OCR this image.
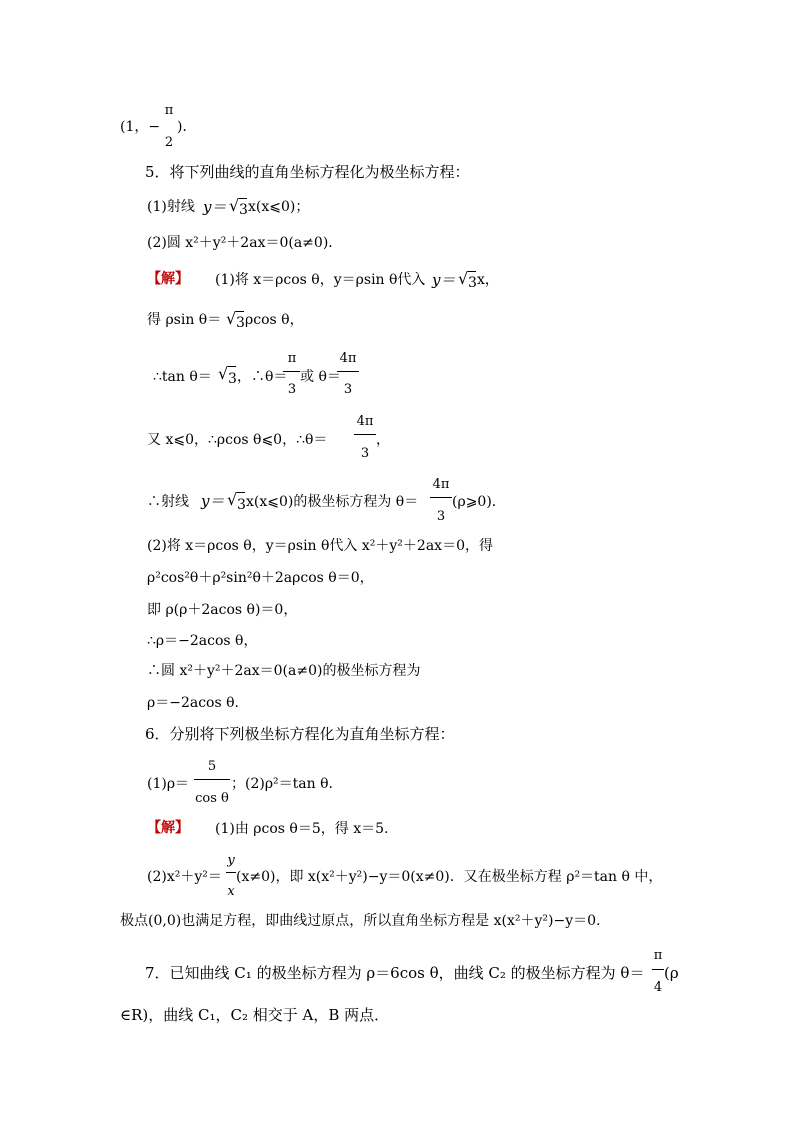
π
(1，− )．
2
5．将下列曲线的直角坐标方程化为极坐标方程：
(1)射线 y＝ √ 3 x(x⩽0)；
(2)圆 x²＋y²＋2ax＝0(a≠0)．
【解】 (1)将 x＝ρcos θ，y＝ρsin θ代入 y＝ √ 3 x，
得 ρsin θ＝ √ 3 ρcos θ，
π	4π
∴tan θ＝ √ 3 ，∴θ＝ 或 θ＝
3	3
4π
又 x⩽0，∴ρcos θ⩽0，∴θ＝	，
3
4π
∴射线 y＝ √ 3 x(x⩽0)的极坐标方程为 θ＝ (ρ⩾0)．
3
(2)将 x＝ρcos θ，y＝ρsin θ代入 x²＋y²＋2ax＝0，得
ρ²cos²θ＋ρ²sin²θ＋2aρcos θ＝0，
即 ρ(ρ＋2acos θ)＝0，
∴ρ＝−2acos θ，
∴圆 x²＋y²＋2ax＝0(a≠0)的极坐标方程为
ρ＝−2acos θ.
6．分别将下列极坐标方程化为直角坐标方程：
5
(1)ρ＝	；(2)ρ²＝tan θ.
cos θ
【解】 (1)由 ρcos θ＝5，得 x＝5.
y
(2)x²＋y²＝ (x≠0)，即 x(x²＋y²)−y＝0(x≠0)．又在极坐标方程 ρ²＝tan θ 中，
x
极点(0,0)也满足方程，即曲线过原点，所以直角坐标方程是 x(x²＋y²)−y＝0.
π
7．已知曲线 C₁ 的极坐标方程为 ρ＝6cos θ，曲线 C₂ 的极坐标方程为 θ＝ (ρ
4
∈R)，曲线 C₁，C₂ 相交于 A，B 两点．
